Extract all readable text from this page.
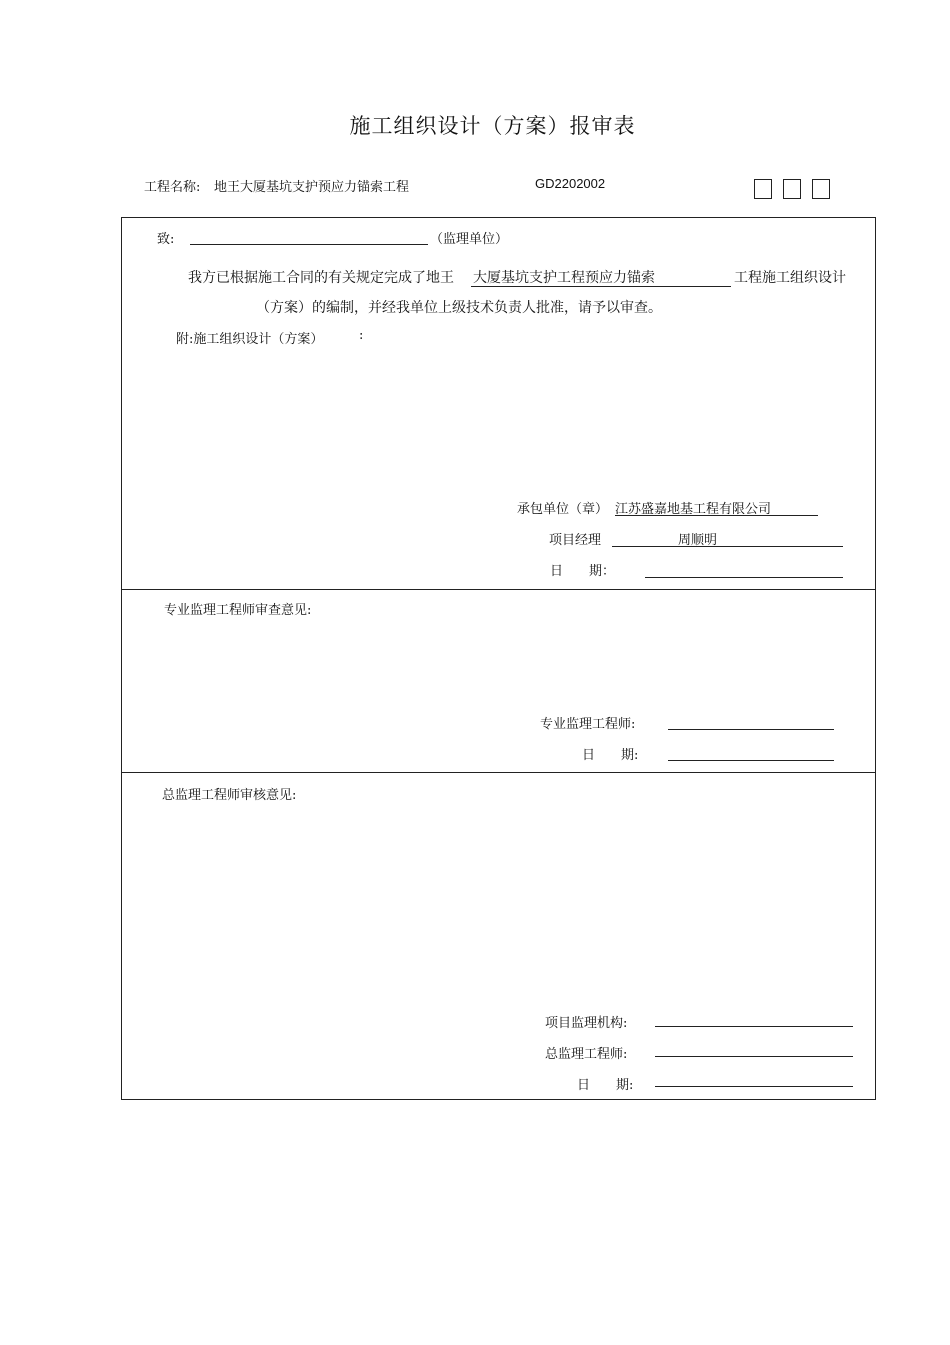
施工组织设计（方案）报审表
工程名称: 地王大厦基坑支护预应力锚索工程	GD2202002
致:	（监理单位）
我方已根据施工合同的有关规定完成了地王 大厦基坑支护工程预应力锚索	工程施工组织设计
（方案）的编制，并经我单位上级技术负责人批准，请予以审查。
附:施工组织设计（方案）	:
承包单位（章） 江苏盛嘉地基工程有限公司
项目经理	周顺明
日　　期：
专业监理工程师审查意见:
专业监理工程师:
日　　期:
总监理工程师审核意见:
项目监理机构:
总监理工程师:
日　　期:
